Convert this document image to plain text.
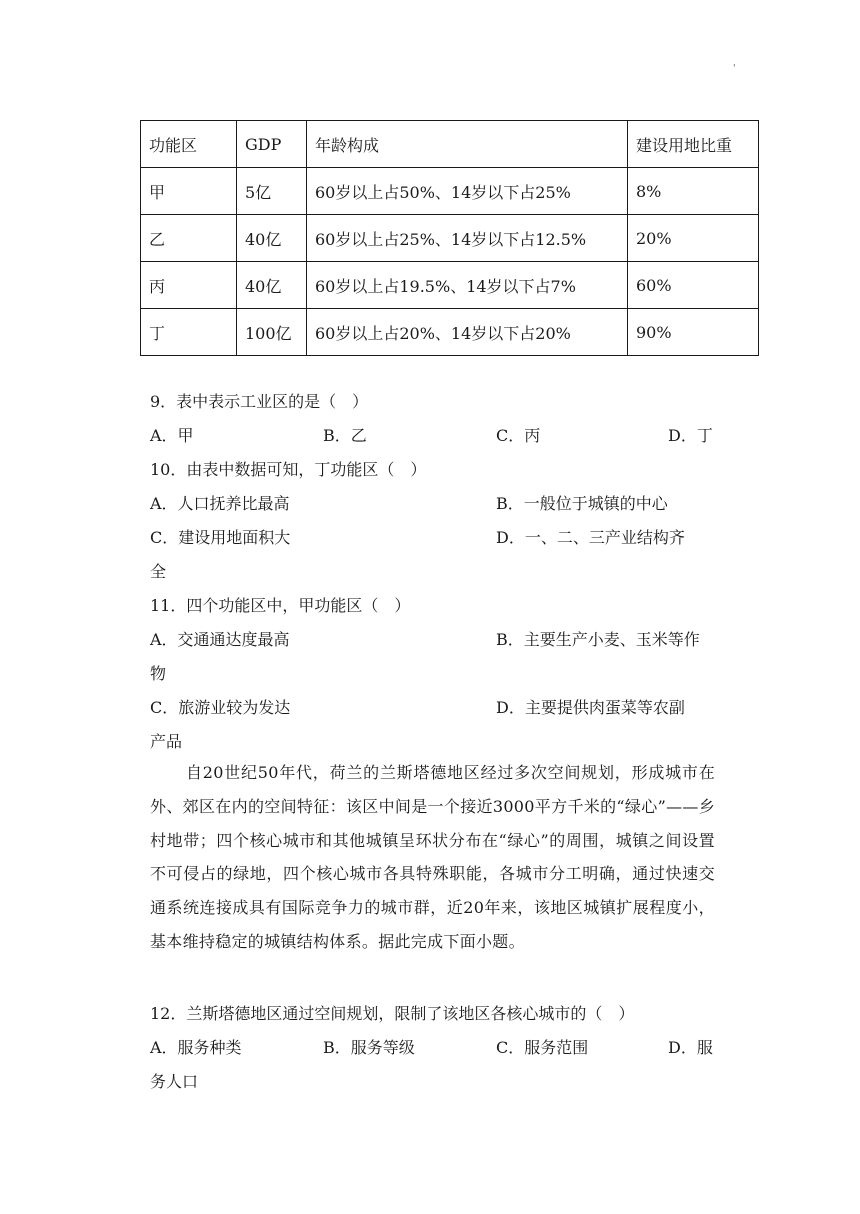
'
功能区	GDP	年龄构成	建设用地比重
甲	5亿	60岁以上占50%、14岁以下占25%	8%
乙	40亿	60岁以上占25%、14岁以下占12.5%	20%
丙	40亿	60岁以上占19.5%、14岁以下占7%	60%
丁	100亿	60岁以上占20%、14岁以下占20%	90%
9．表中表示工业区的是（　）
A．甲	B．乙	C．丙	D．丁
10．由表中数据可知，丁功能区（　）
A．人口抚养比最高	B．一般位于城镇的中心
C．建设用地面积大	D．一、二、三产业结构齐
全
11．四个功能区中，甲功能区（　）
A．交通通达度最高	B．主要生产小麦、玉米等作
物
C．旅游业较为发达	D．主要提供肉蛋菜等农副
产品
自20世纪50年代，荷兰的兰斯塔德地区经过多次空间规划，形成城市在外、郊区在内的空间特征：该区中间是一个接近3000平方千米的“绿心”——乡村地带；四个核心城市和其他城镇呈环状分布在“绿心”的周围，城镇之间设置不可侵占的绿地，四个核心城市各具特殊职能，各城市分工明确，通过快速交通系统连接成具有国际竞争力的城市群，近20年来，该地区城镇扩展程度小，基本维持稳定的城镇结构体系。据此完成下面小题。
12．兰斯塔德地区通过空间规划，限制了该地区各核心城市的（　）
A．服务种类	B．服务等级	C．服务范围	D．服
务人口
